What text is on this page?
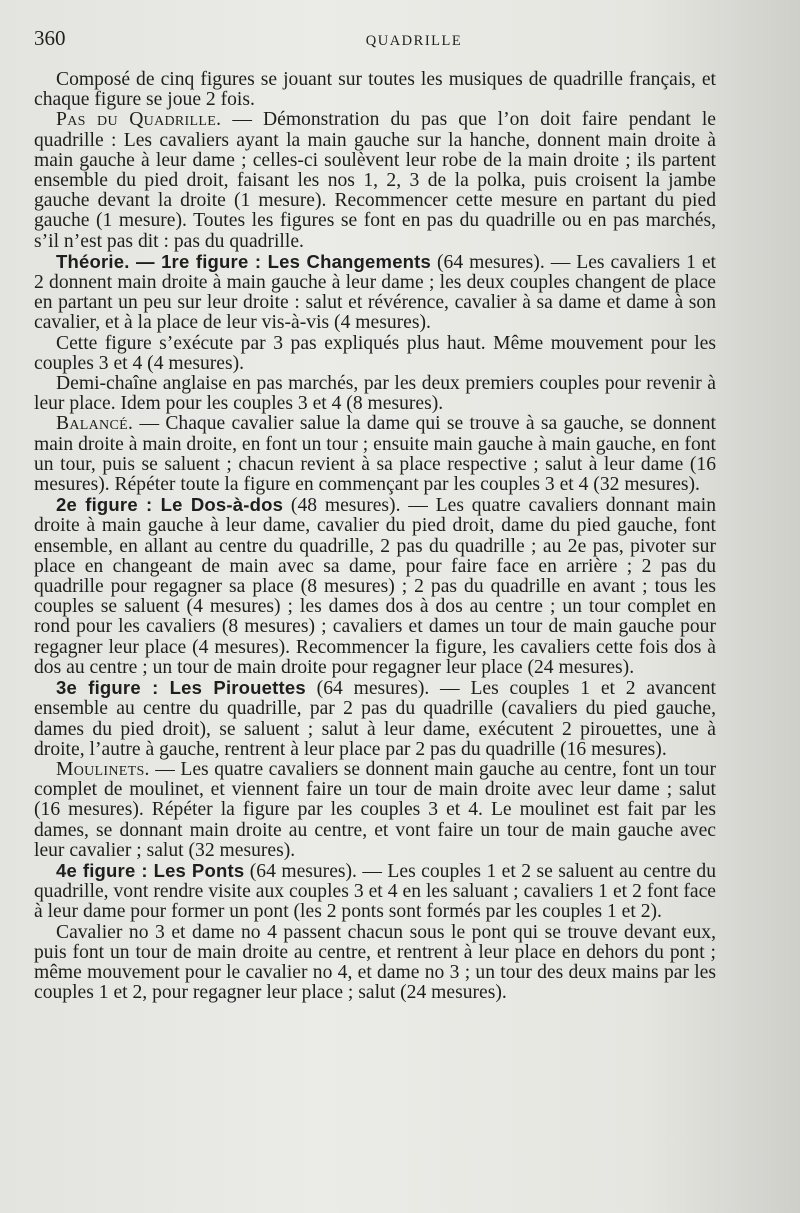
360	QUADRILLE

Composé de cinq figures se jouant sur toutes les musiques de quadrille français, et chaque figure se joue 2 fois.

Pas du Quadrille. — Démonstration du pas que l’on doit faire pendant le quadrille : Les cavaliers ayant la main gauche sur la hanche, donnent main droite à main gauche à leur dame ; celles-ci soulèvent leur robe de la main droite ; ils partent ensemble du pied droit, faisant les nos 1, 2, 3 de la polka, puis croisent la jambe gauche devant la droite (1 mesure). Recommencer cette mesure en partant du pied gauche (1 mesure). Toutes les figures se font en pas du quadrille ou en pas marchés, s’il n’est pas dit : pas du quadrille.

Théorie. — 1re figure : Les Changements (64 mesures). — Les cavaliers 1 et 2 donnent main droite à main gauche à leur dame ; les deux couples changent de place en partant un peu sur leur droite : salut et révérence, cavalier à sa dame et dame à son cavalier, et à la place de leur vis-à-vis (4 mesures).

Cette figure s’exécute par 3 pas expliqués plus haut. Même mouvement pour les couples 3 et 4 (4 mesures).

Demi-chaîne anglaise en pas marchés, par les deux premiers couples pour revenir à leur place. Idem pour les couples 3 et 4 (8 mesures).

Balancé. — Chaque cavalier salue la dame qui se trouve à sa gauche, se donnent main droite à main droite, en font un tour ; ensuite main gauche à main gauche, en font un tour, puis se saluent ; chacun revient à sa place respective ; salut à leur dame (16 mesures). Répéter toute la figure en commençant par les couples 3 et 4 (32 mesures).

2e figure : Le Dos-à-dos (48 mesures). — Les quatre cavaliers donnant main droite à main gauche à leur dame, cavalier du pied droit, dame du pied gauche, font ensemble, en allant au centre du quadrille, 2 pas du quadrille ; au 2e pas, pivoter sur place en changeant de main avec sa dame, pour faire face en arrière ; 2 pas du quadrille pour regagner sa place (8 mesures) ; 2 pas du quadrille en avant ; tous les couples se saluent (4 mesures) ; les dames dos à dos au centre ; un tour complet en rond pour les cavaliers (8 mesures) ; cavaliers et dames un tour de main gauche pour regagner leur place (4 mesures). Recommencer la figure, les cavaliers cette fois dos à dos au centre ; un tour de main droite pour regagner leur place (24 mesures).

3e figure : Les Pirouettes (64 mesures). — Les couples 1 et 2 avancent ensemble au centre du quadrille, par 2 pas du quadrille (cavaliers du pied gauche, dames du pied droit), se saluent ; salut à leur dame, exécutent 2 pirouettes, une à droite, l’autre à gauche, rentrent à leur place par 2 pas du quadrille (16 mesures).

Moulinets. — Les quatre cavaliers se donnent main gauche au centre, font un tour complet de moulinet, et viennent faire un tour de main droite avec leur dame ; salut (16 mesures). Répéter la figure par les couples 3 et 4. Le moulinet est fait par les dames, se donnant main droite au centre, et vont faire un tour de main gauche avec leur cavalier ; salut (32 mesures).

4e figure : Les Ponts (64 mesures). — Les couples 1 et 2 se saluent au centre du quadrille, vont rendre visite aux couples 3 et 4 en les saluant ; cavaliers 1 et 2 font face à leur dame pour former un pont (les 2 ponts sont formés par les couples 1 et 2).

Cavalier no 3 et dame no 4 passent chacun sous le pont qui se trouve devant eux, puis font un tour de main droite au centre, et rentrent à leur place en dehors du pont ; même mouvement pour le cavalier no 4, et dame no 3 ; un tour des deux mains par les couples 1 et 2, pour regagner leur place ; salut (24 mesures).
